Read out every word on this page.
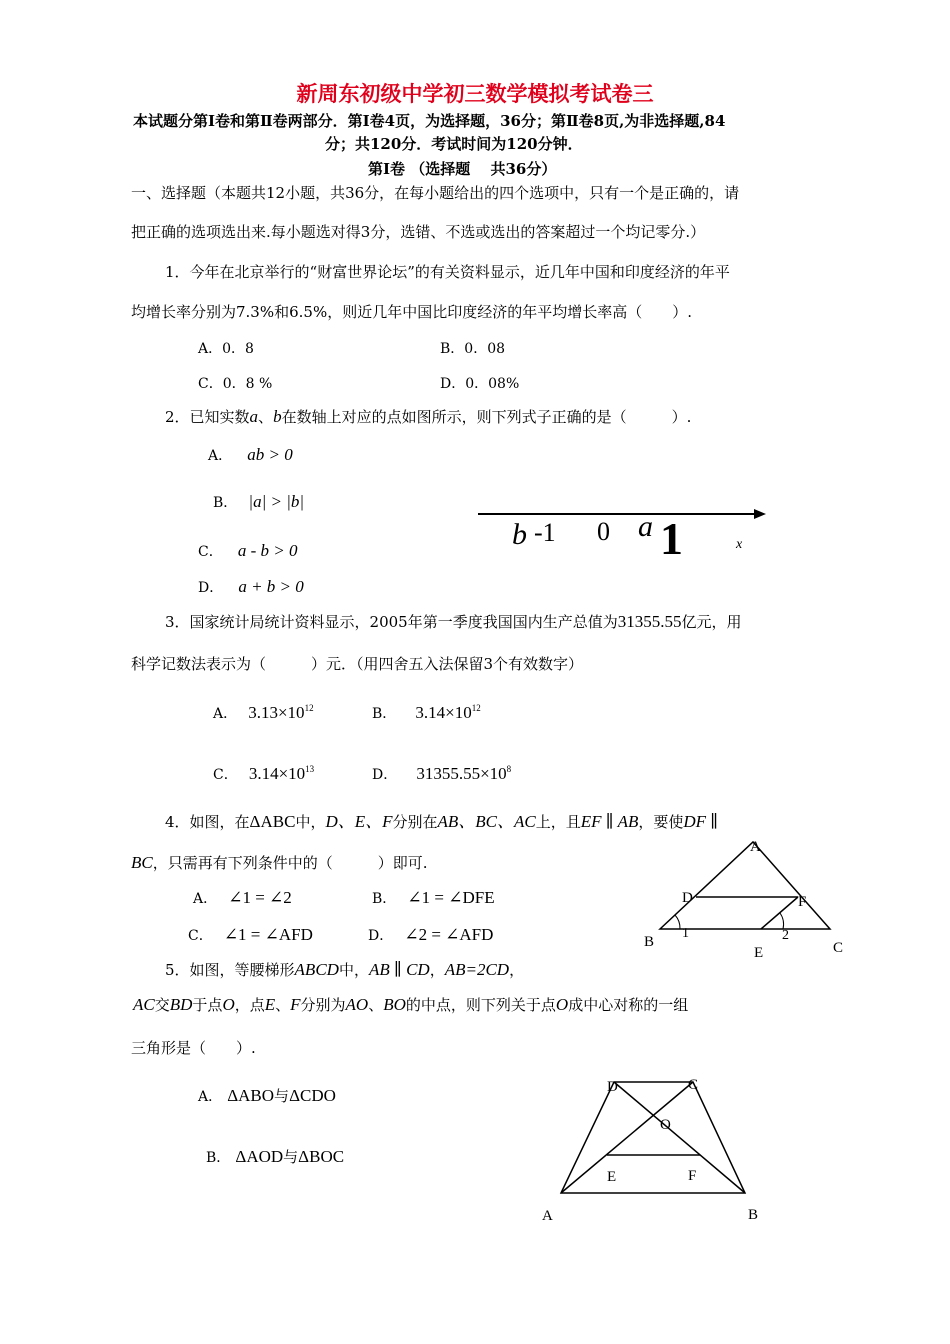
新周东初级中学初三数学模拟考试卷三
本试题分第Ⅰ卷和第Ⅱ卷两部分．第Ⅰ卷4页，为选择题，36分；第Ⅱ卷8页,为非选择题,84
分；共120分．考试时间为120分钟．
第Ⅰ卷 （选择题　 共36分）
一、选择题（本题共12小题，共36分，在每小题给出的四个选项中，只有一个是正确的，请
把正确的选项选出来.每小题选对得3分，选错、不选或选出的答案超过一个均记零分.）
1．今年在北京举行的“财富世界论坛”的有关资料显示，近几年中国和印度经济的年平
均增长率分别为7.3%和6.5%，则近几年中国比印度经济的年平均增长率高（　　）.
A．0．8	B．0．08
C．0．8 %	D．0．08%
2．已知实数a、b在数轴上对应的点如图所示，则下列式子正确的是（　　　）.
A． ab > 0
B． |a| > |b|
C． a - b > 0
D． a + b > 0
b -1 0 a 1	x
3．国家统计局统计资料显示，2005年第一季度我国国内生产总值为31355.55亿元，用
科学记数法表示为（　　　）元．（用四舍五入法保留3个有效数字）
A． $3.13\times 10^{12}$	B． $3.14\times 10^{12}$
C． $3.14\times 10^{13}$	D． $31355.55\times 10^8$
4．如图，在ΔABC中，D、E、F分别在AB、BC、AC上，且EF ∥ AB，要使DF ∥
BC，只需再有下列条件中的（　　　）即可.
A． ∠1 = ∠2	B． ∠1 = ∠DFE
C． ∠1 = ∠AFD	D． ∠2 = ∠AFD
A
B	C
D
E
F
1	2
5．如图，等腰梯形ABCD中，AB ∥ CD，AB=2CD，
AC交BD于点O，点E、F分别为AO、BO的中点，则下列关于点O成中心对称的一组
三角形是（　　）.
A． ΔABO与ΔCDO
B． ΔAOD与ΔBOC
A	B
C
D
O
E	F
